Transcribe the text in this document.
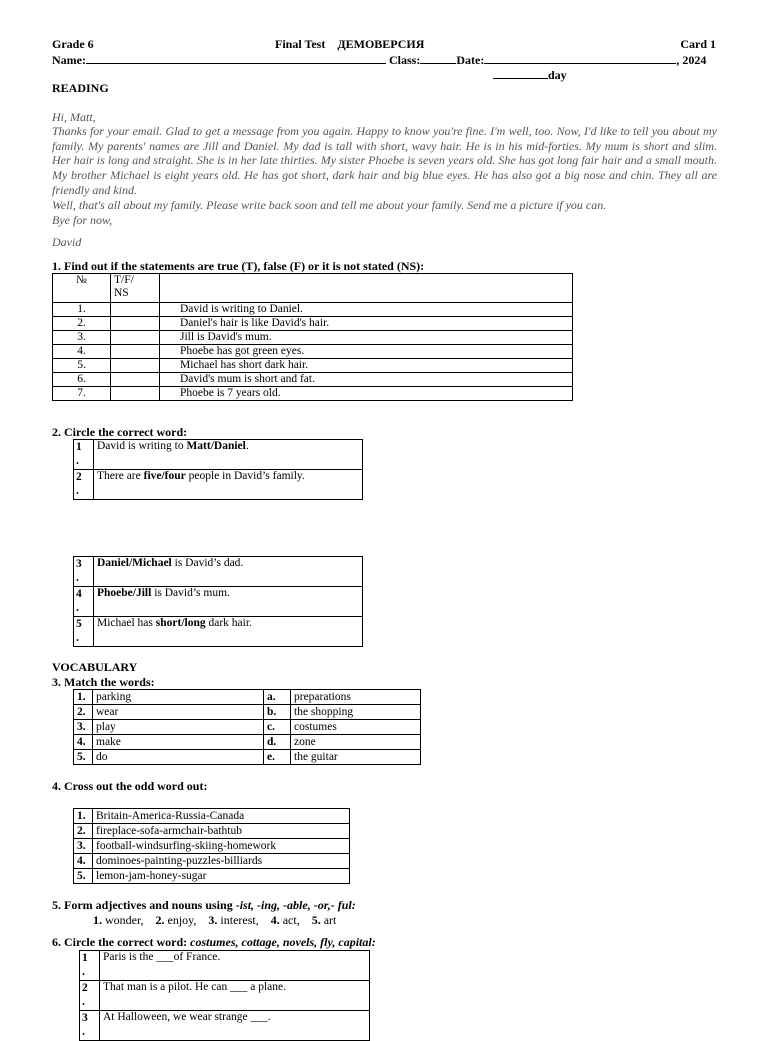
Grade 6	Final Test ДЕМОВЕРСИЯ	Card 1
Name:	Class:	Date:	, 2024
day
READING
Hi, Matt,
Thanks for your email. Glad to get a message from you again. Happy to know you're fine. I'm well, too. Now, I'd like to tell you about my family. My parents' names are Jill and Daniel. My dad is tall with short, wavy hair. He is in his mid-forties. My mum is short and slim. Her hair is long and straight. She is in her late thirties. My sister Phoebe is seven years old. She has got long fair hair and a small mouth. My brother Michael is eight years old. He has got short, dark hair and big blue eyes. He has also got a big nose and chin. They all are friendly and kind.
Well, that's all about my family. Please write back soon and tell me about your family. Send me a picture if you can.
Bye for now,
David
1. Find out if the statements are true (T), false (F) or it is not stated (NS):
№	T/F/
NS	
1.		David is writing to Daniel.
2.		Daniel's hair is like David's hair.
3.		Jill is David's mum.
4.		Phoebe has got green eyes.
5.		Michael has short dark hair.
6.		David's mum is short and fat.
7.		Phoebe is 7 years old.
2. Circle the correct word:
1
.	David is writing to Matt/Daniel.
2
.	There are five/four people in David’s family.
3
.	Daniel/Michael is David’s dad.
4
.	Phoebe/Jill is David’s mum.
5
.	Michael has short/long dark hair.
VOCABULARY
3. Match the words:
1.	parking	a.	preparations
2.	wear	b.	the shopping
3.	play	c.	costumes
4.	make	d.	zone
5.	do	e.	the guitar
4. Cross out the odd word out:
1.	Britain-America-Russia-Canada
2.	fireplace-sofa-armchair-bathtub
3.	football-windsurfing-skiing-homework
4.	dominoes-painting-puzzles-billiards
5.	lemon-jam-honey-sugar
5. Form adjectives and nouns using -ist, -ing, -able, -or,- ful:
1. wonder, 2. enjoy, 3. interest, 4. act, 5. art
6. Circle the correct word: costumes, cottage, novels, fly, capital:
1
.	Paris is the ___of France.
2
.	That man is a pilot. He can ___ a plane.
3
.	At Halloween, we wear strange ___.
